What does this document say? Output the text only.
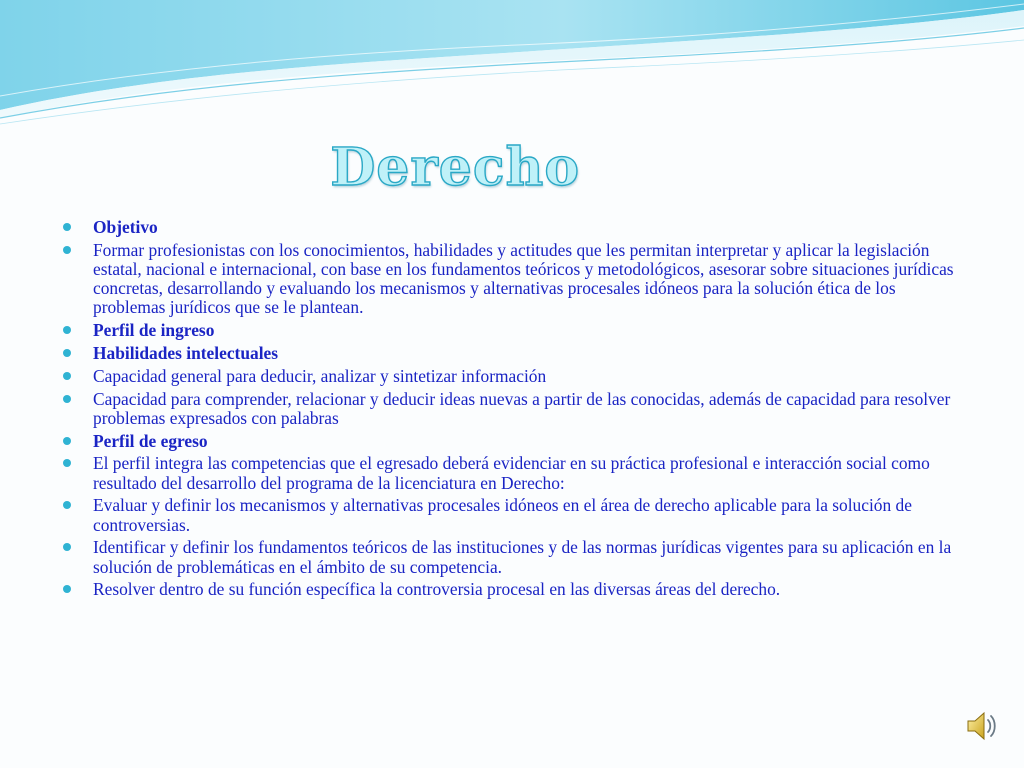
Derecho
Objetivo
Formar profesionistas con los conocimientos, habilidades y actitudes que les permitan interpretar y aplicar la legislación estatal, nacional e internacional, con base en los fundamentos teóricos y metodológicos, asesorar sobre situaciones jurídicas concretas, desarrollando y evaluando los mecanismos y alternativas procesales idóneos para la solución ética de los problemas jurídicos que se le plantean.
Perfil de ingreso
Habilidades intelectuales
Capacidad general para deducir, analizar y sintetizar información
Capacidad para comprender, relacionar y deducir ideas nuevas a partir de las conocidas, además de capacidad para resolver problemas expresados con palabras
Perfil de egreso
El perfil integra las competencias que el egresado deberá evidenciar en su práctica profesional e interacción social como resultado del desarrollo del programa de la licenciatura en Derecho:
Evaluar y definir los mecanismos y alternativas procesales idóneos en el área de derecho aplicable para la solución de controversias.
Identificar y definir los fundamentos teóricos de las instituciones y de las normas jurídicas vigentes para su aplicación en la solución de problemáticas en el ámbito de su competencia.
Resolver dentro de su función específica la controversia procesal en las diversas áreas del derecho.
